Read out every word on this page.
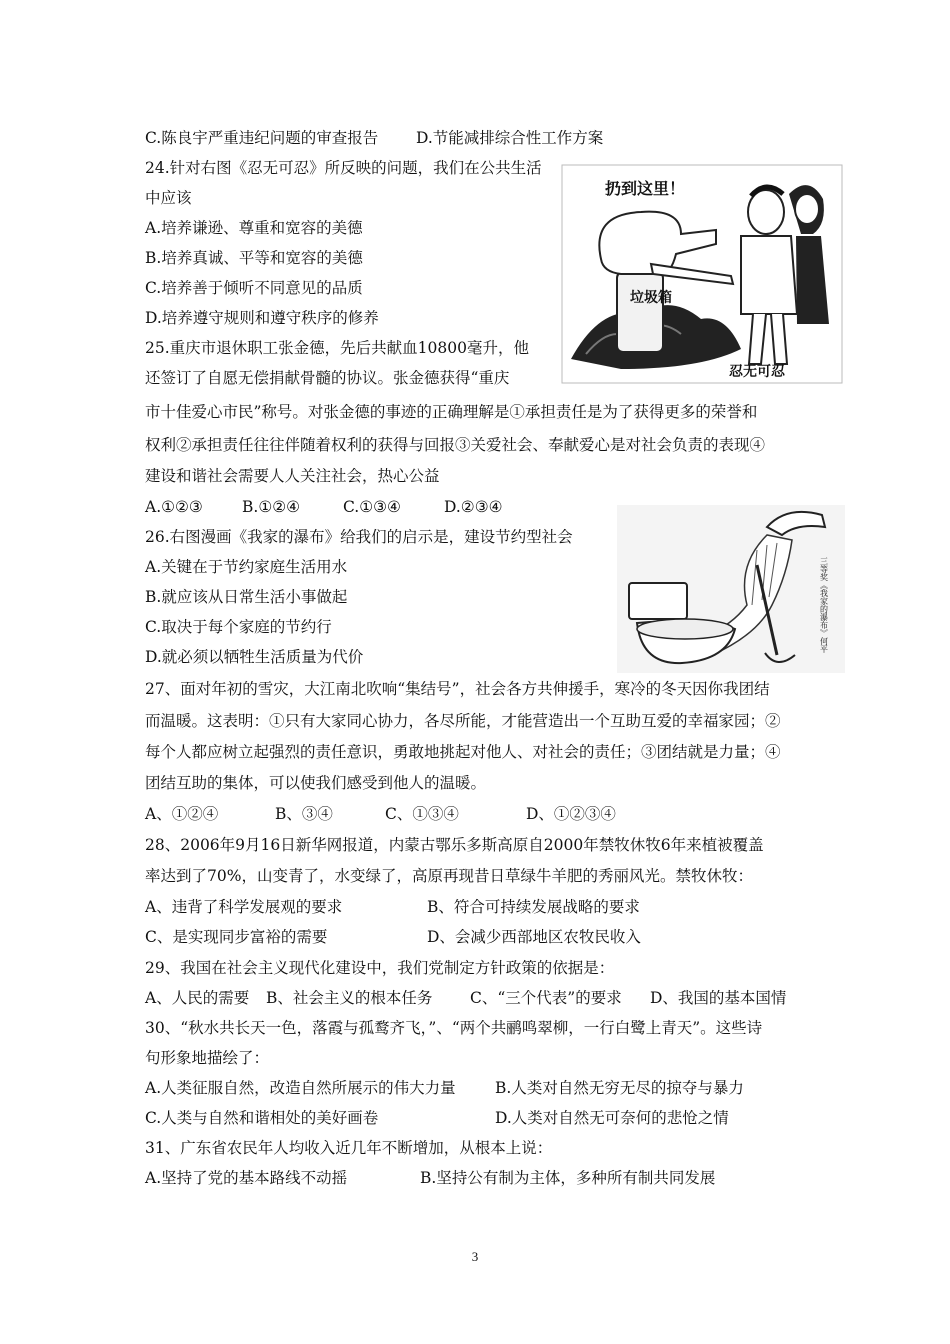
C.陈良宇严重违纪问题的审查报告 D.节能减排综合性工作方案
24.针对右图《忍无可忍》所反映的问题，我们在公共生活
中应该
A.培养谦逊、尊重和宽容的美德
B.培养真诚、平等和宽容的美德
C.培养善于倾听不同意见的品质
D.培养遵守规则和遵守秩序的修养
25.重庆市退休职工张金德，先后共献血10800毫升，他
还签订了自愿无偿捐献骨髓的协议。张金德获得“重庆
市十佳爱心市民”称号。对张金德的事迹的正确理解是①承担责任是为了获得更多的荣誉和
权利②承担责任往往伴随着权利的获得与回报③关爱社会、奉献爱心是对社会负责的表现④
建设和谐社会需要人人关注社会，热心公益
A.①②③	B.①②④	C.①③④	D.②③④
26.右图漫画《我家的瀑布》给我们的启示是，建设节约型社会
A.关键在于节约家庭生活用水
B.就应该从日常生活小事做起
C.取决于每个家庭的节约行
D.就必须以牺牲生活质量为代价
27、面对年初的雪灾，大江南北吹响“集结号”，社会各方共伸援手，寒冷的冬天因你我团结
而温暖。这表明：①只有大家同心协力，各尽所能，才能营造出一个互助互爱的幸福家园；②
每个人都应树立起强烈的责任意识，勇敢地挑起对他人、对社会的责任；③团结就是力量；④
团结互助的集体，可以使我们感受到他人的温暖。
A、①②④	B、③④	C、①③④	D、①②③④
28、2006年9月16日新华网报道，内蒙古鄂乐多斯高原自2000年禁牧休牧6年来植被覆盖
率达到了70%，山变青了，水变绿了，高原再现昔日草绿牛羊肥的秀丽风光。禁牧休牧：
A、违背了科学发展观的要求	B、符合可持续发展战略的要求
C、是实现同步富裕的需要	D、会减少西部地区农牧民收入
29、我国在社会主义现代化建设中，我们党制定方针政策的依据是：
A、人民的需要 B、社会主义的根本任务 C、“三个代表”的要求 D、我国的基本国情
30、“秋水共长天一色，落霞与孤鹜齐飞，”、“两个共鹂鸣翠柳，一行白鹭上青天”。这些诗
句形象地描绘了：
A.人类征服自然，改造自然所展示的伟大力量	B.人类对自然无穷无尽的掠夺与暴力
C.人类与自然和谐相处的美好画卷	D.人类对自然无可奈何的悲怆之情
31、广东省农民年人均收入近几年不断增加，从根本上说：
A.坚持了党的基本路线不动摇	B.坚持公有制为主体，多种所有制共同发展
扔到这里！
垃圾箱
忍无可忍
三等奖《我家的瀑布》何平
3
